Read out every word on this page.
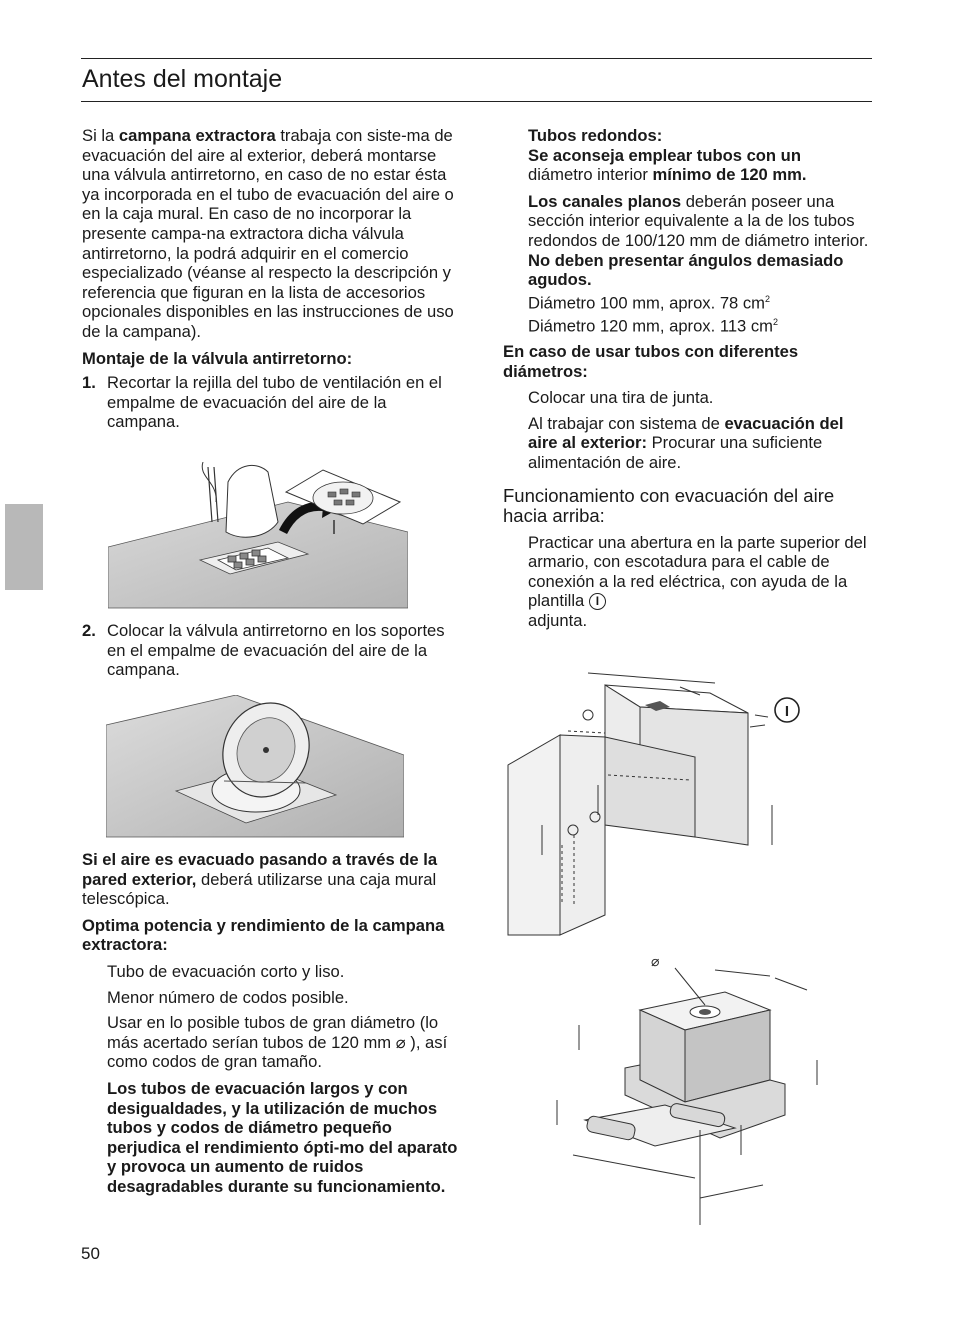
Antes del montaje

Si la campana extractora trabaja con siste-ma de evacuación del aire al exterior, deberá montarse una válvula antirretorno, en caso de no estar ésta ya incorporada en el tubo de evacuación del aire o en la caja mural. En caso de no incorporar la presente campa-na extractora dicha válvula antirretorno, la podrá adquirir en el comercio especializado (véanse al respecto la descripción y referencia que figuran en la lista de accesorios opcionales disponibles en las instrucciones de uso de la campana).

Montaje de la válvula antirretorno:

1. Recortar la rejilla del tubo de ventilación en el empalme de evacuación del aire de la campana.

2. Colocar la válvula antirretorno en los soportes en el empalme de evacuación del aire de la campana.

Si el aire es evacuado pasando a través de la pared exterior, deberá utilizarse una caja mural telescópica.

Optima potencia y rendimiento de la campana extractora:

Tubo de evacuación corto y liso.

Menor número de codos posible.

Usar en lo posible tubos de gran diámetro (lo más acertado serían tubos de 120 mm ⌀ ), así como codos de gran tamaño.

Los tubos de evacuación largos y con desigualdades, y la utilización de muchos tubos y codos de diámetro pequeño perjudica el rendimiento ópti-mo del aparato y provoca un aumento de ruidos desagradables durante su funcionamiento.

50

Tubos redondos:

Se aconseja emplear tubos con un

diámetro interior mínimo de 120 mm.

Los canales planos deberán poseer una sección interior equivalente a la de los tubos redondos de 100/120 mm de diámetro interior.

No deben presentar ángulos demasiado agudos.

Diámetro 100 mm, aprox. 78 $cm^2$

Diámetro 120 mm, aprox. 113 $cm^2$

En caso de usar tubos con diferentes diámetros:

Colocar una tira de junta.

Al trabajar con sistema de evacuación del aire al exterior: Procurar una suficiente alimentación de aire.

Funcionamiento con evacuación del aire hacia arriba:

Practicar una abertura en la parte superior del armario, con escotadura para el cable de conexión a la red eléctrica, con ayuda de la plantilla I
adjunta.

I
⌀
